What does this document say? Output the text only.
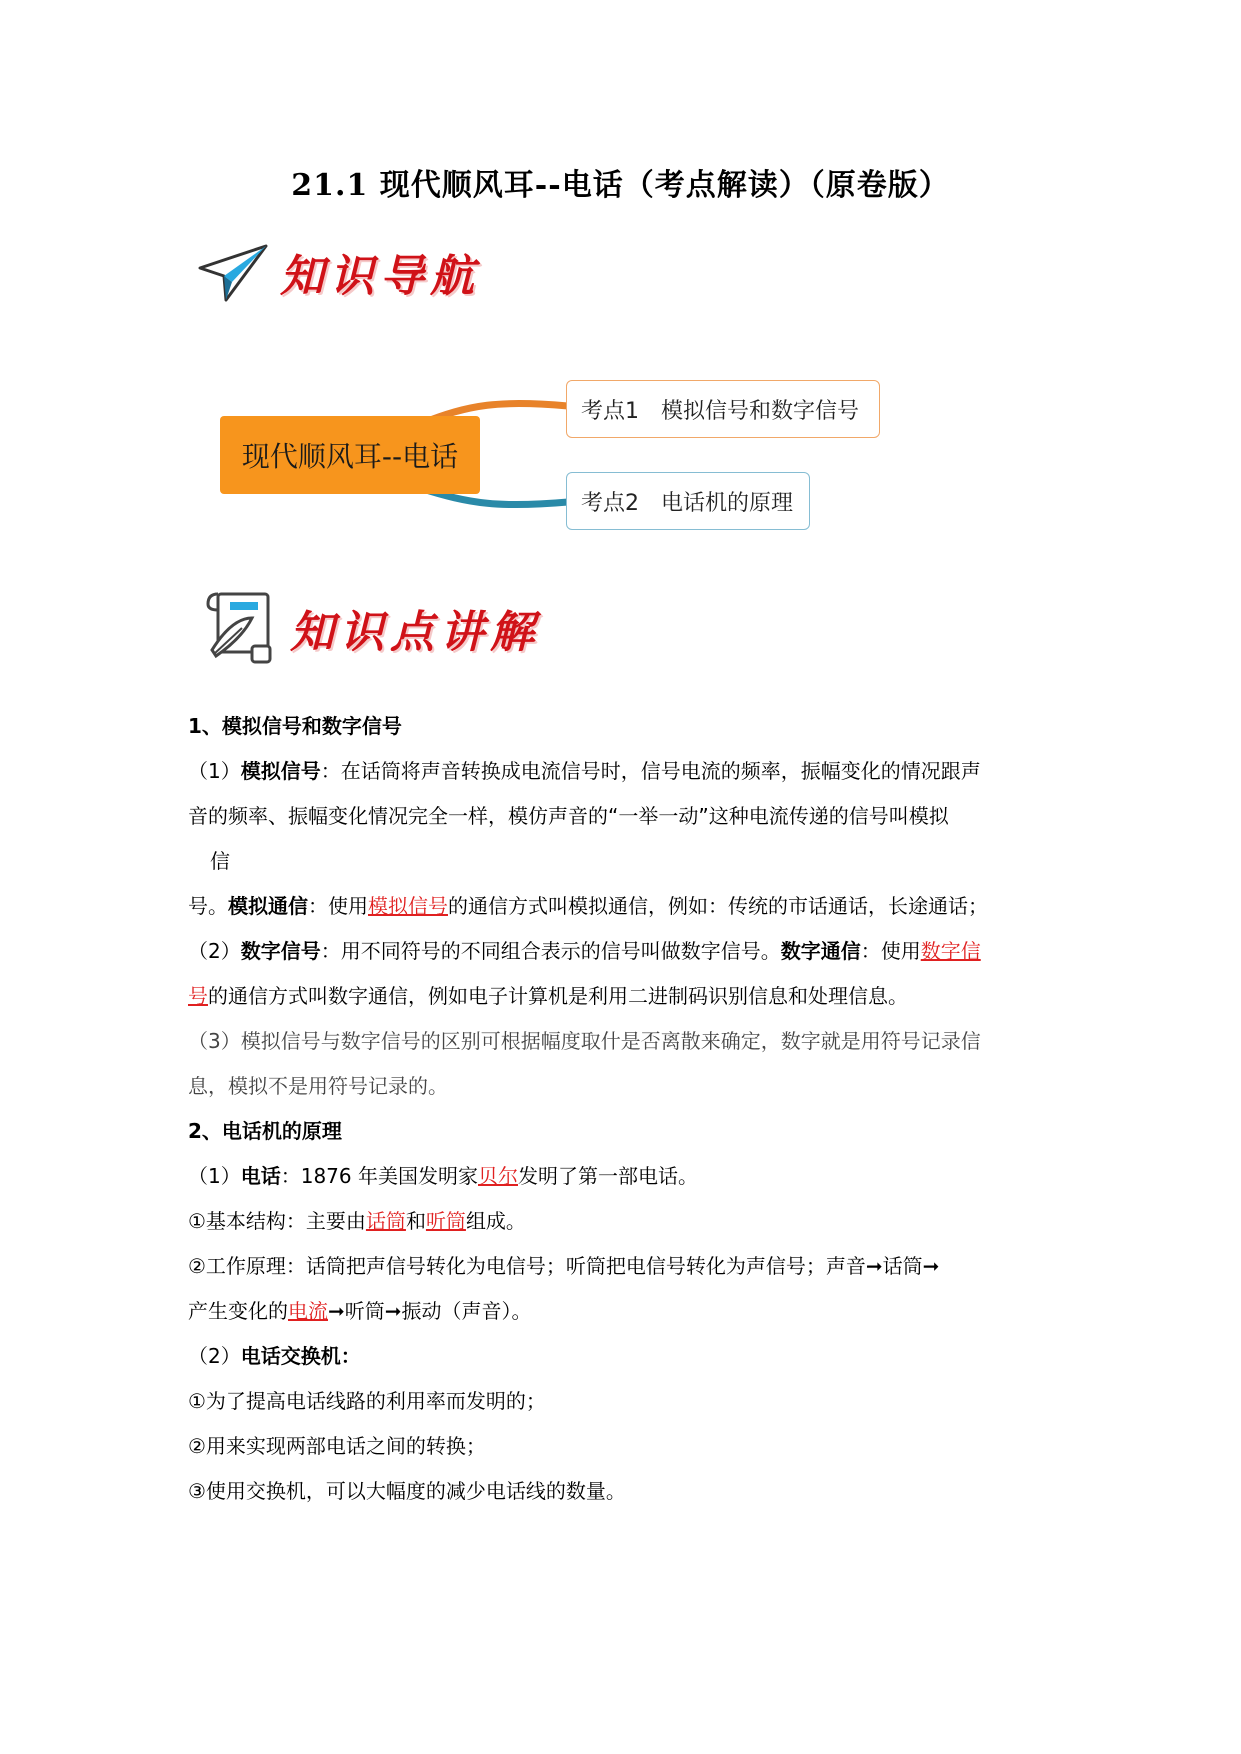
21.1 现代顺风耳--电话（考点解读）（原卷版）
知识导航
现代顺风耳--电话
考点1　模拟信号和数字信号
考点2　电话机的原理
知识点讲解
1、模拟信号和数字信号
（1）模拟信号：在话筒将声音转换成电流信号时，信号电流的频率，振幅变化的情况跟声
音的频率、振幅变化情况完全一样，模仿声音的“一举一动”这种电流传递的信号叫模拟
信
号。模拟通信：使用模拟信号的通信方式叫模拟通信，例如：传统的市话通话，长途通话；
（2）数字信号：用不同符号的不同组合表示的信号叫做数字信号。数字通信：使用数字信
号的通信方式叫数字通信，例如电子计算机是利用二进制码识别信息和处理信息。
（3）模拟信号与数字信号的区别可根据幅度取什是否离散来确定，数字就是用符号记录信
息，模拟不是用符号记录的。
2、电话机的原理
（1）电话：1876 年美国发明家贝尔发明了第一部电话。
①基本结构：主要由话筒和听筒组成。
②工作原理：话筒把声信号转化为电信号；听筒把电信号转化为声信号；声音➞话筒➞
产生变化的电流➞听筒➞振动（声音）。
（2）电话交换机：
①为了提高电话线路的利用率而发明的；
②用来实现两部电话之间的转换；
③使用交换机，可以大幅度的减少电话线的数量。
